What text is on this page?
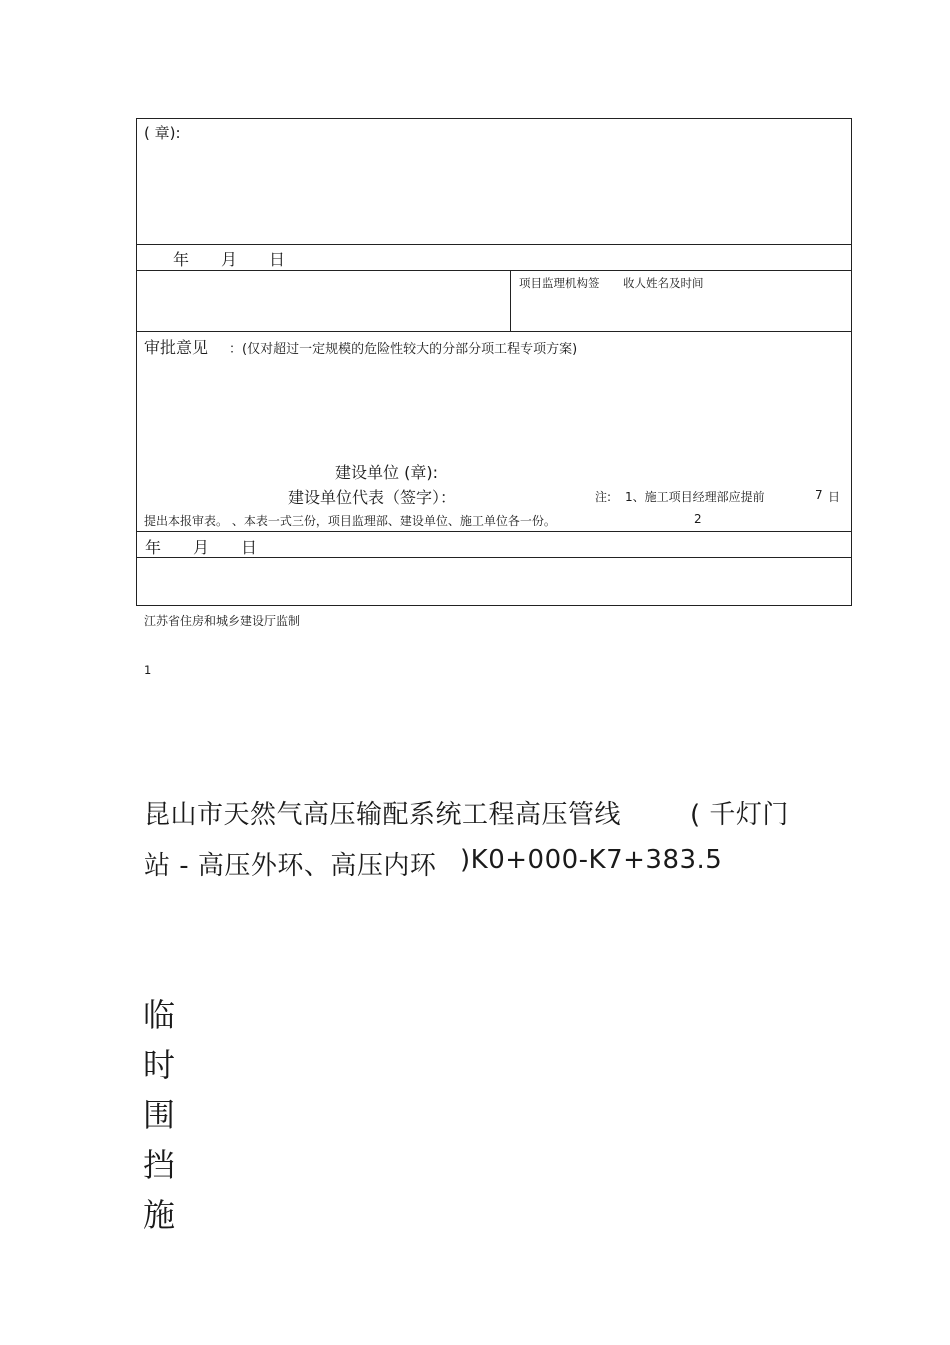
( 章):
年 月 日
项目监理机构签 收人姓名及时间
审批意见 ：(仅对超过一定规模的危险性较大的分部分项工程专项方案)
建设单位 (章):
建设单位代表（签字）：	注: 1、施工项目经理部应提前	7 日
提出本报审表。 、本表一式三份，项目监理部、建设单位、施工单位各一份。	2
年 月 日
江苏省住房和城乡建设厅监制
1
昆山市天然气高压输配系统工程高压管线	( 千灯门
站 - 高压外环、高压内环 )K0+000-K7+383.5
临
时
围
挡
施
